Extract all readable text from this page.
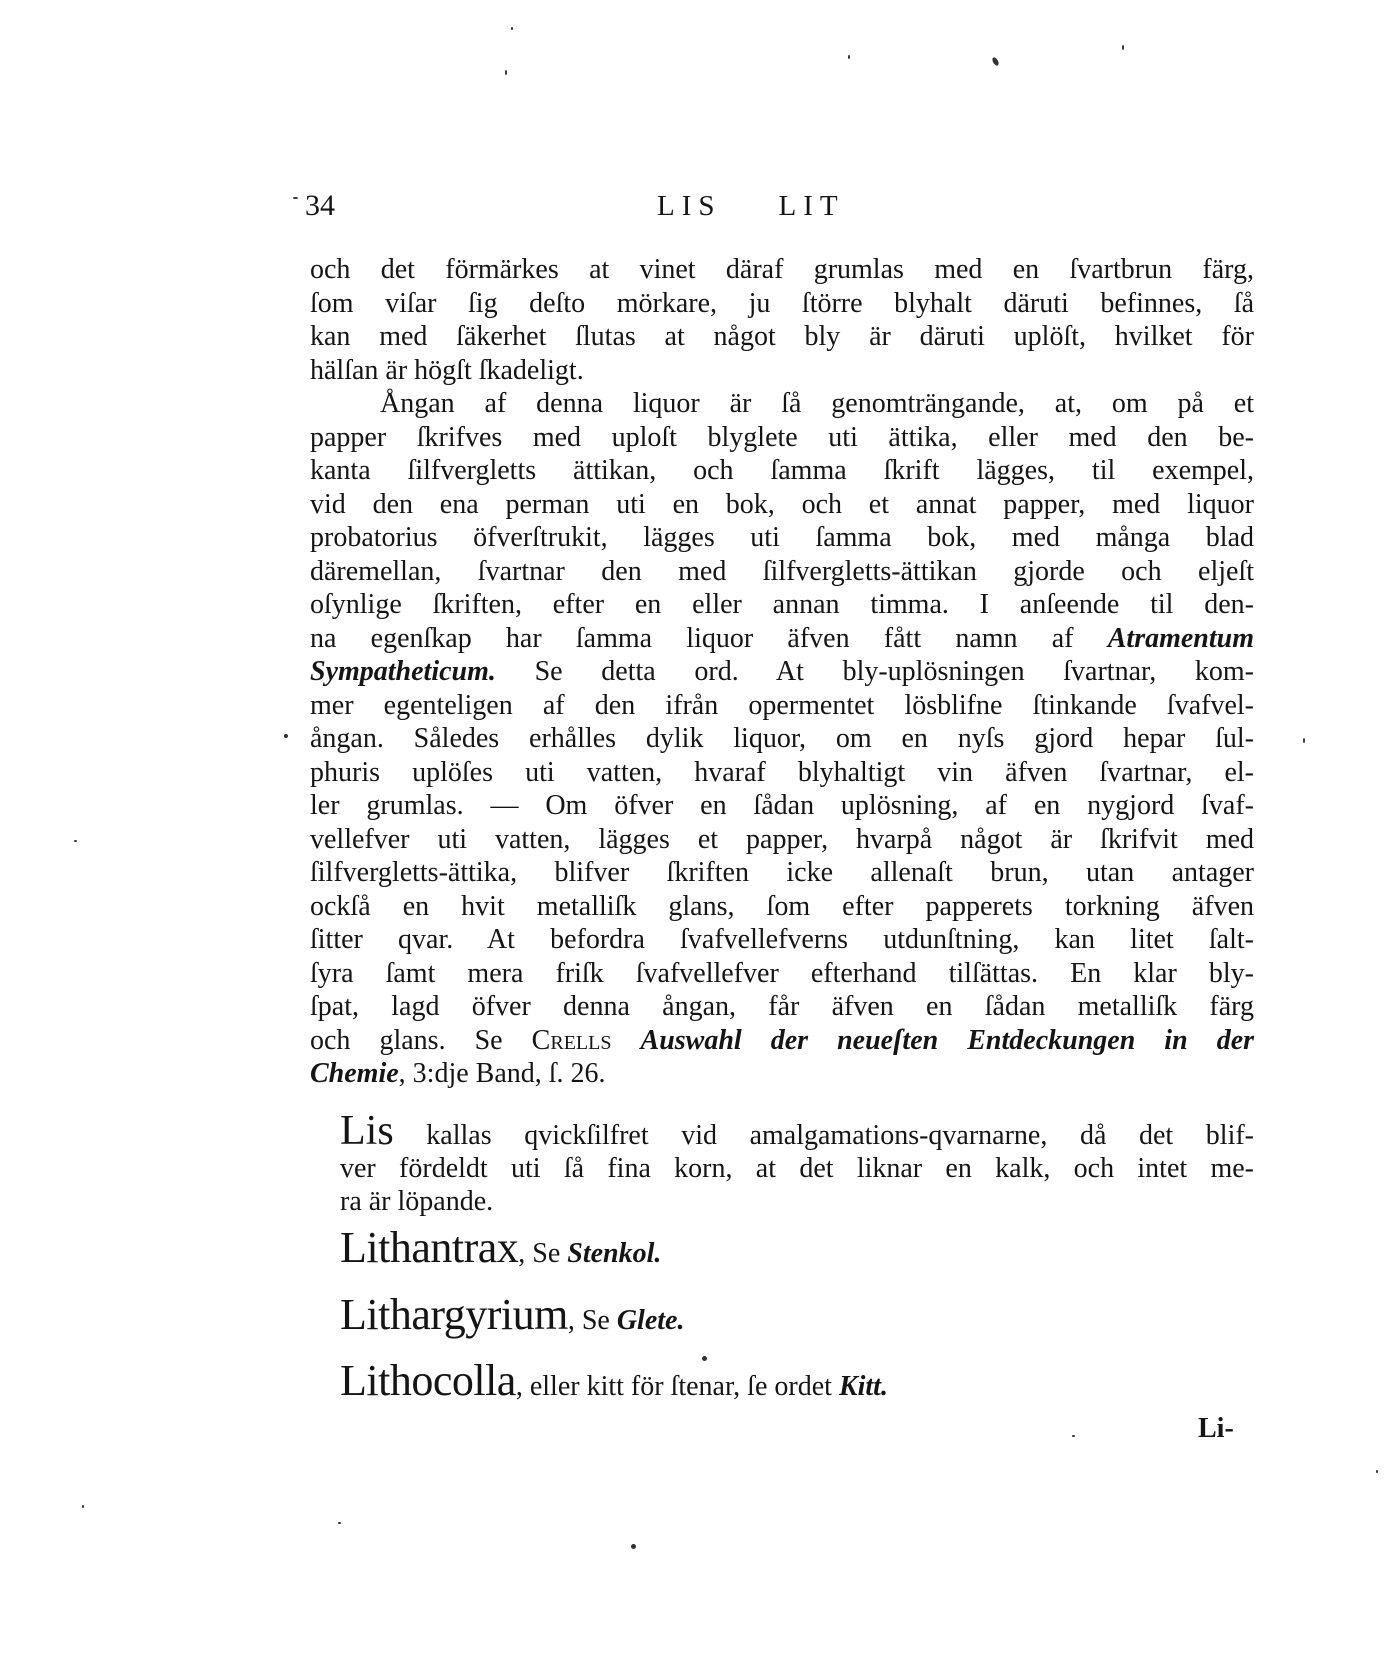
34	LIS    LIT
och det förmärkes at vinet däraf grumlas med en ſvartbrun färg,
ſom viſar ſig deſto mörkare, ju ſtörre blyhalt däruti befinnes, ſå
kan med ſäkerhet ſlutas at något bly är däruti uplöſt, hvilket för
hälſan är högſt ſkadeligt.
Ångan af denna liquor är ſå genomträngande, at, om på et
papper ſkrifves med uploſt blyglete uti ättika, eller med den be-
kanta ſilfvergletts ättikan, och ſamma ſkrift lägges, til exempel,
vid den ena perman uti en bok, och et annat papper, med liquor
probatorius öfverſtrukit, lägges uti ſamma bok, med många blad
däremellan, ſvartnar den med ſilfvergletts-ättikan gjorde och eljeſt
oſynlige ſkriften, efter en eller annan timma. I anſeende til den-
na egenſkap har ſamma liquor äfven fått namn af Atramentum
Sympatheticum. Se detta ord. At bly-uplösningen ſvartnar, kom-
mer egenteligen af den ifrån opermentet lösblifne ſtinkande ſvafvel-
ångan. Således erhålles dylik liquor, om en nyſs gjord hepar ſul-
phuris uplöſes uti vatten, hvaraf blyhaltigt vin äfven ſvartnar, el-
ler grumlas. — Om öfver en ſådan uplösning, af en nygjord ſvaf-
vellefver uti vatten, lägges et papper, hvarpå något är ſkrifvit med
ſilfvergletts-ättika, blifver ſkriften icke allenaſt brun, utan antager
ockſå en hvit metalliſk glans, ſom efter papperets torkning äfven
ſitter qvar. At befordra ſvafvellefverns utdunſtning, kan litet ſalt-
ſyra ſamt mera friſk ſvafvellefver efterhand tilſättas. En klar bly-
ſpat, lagd öfver denna ångan, får äfven en ſådan metalliſk färg
och glans. Se Crells Auswahl der neueſten Entdeckungen in der
Chemie, 3:dje Band, ſ. 26.
Lis kallas qvickſilfret vid amalgamations-qvarnarne, då det blif-
ver fördeldt uti ſå fina korn, at det liknar en kalk, och intet me-
ra är löpande.
Lithantrax, Se Stenkol.
Lithargyrium, Se Glete.
Lithocolla, eller kitt för ſtenar, ſe ordet Kitt.
Li-
